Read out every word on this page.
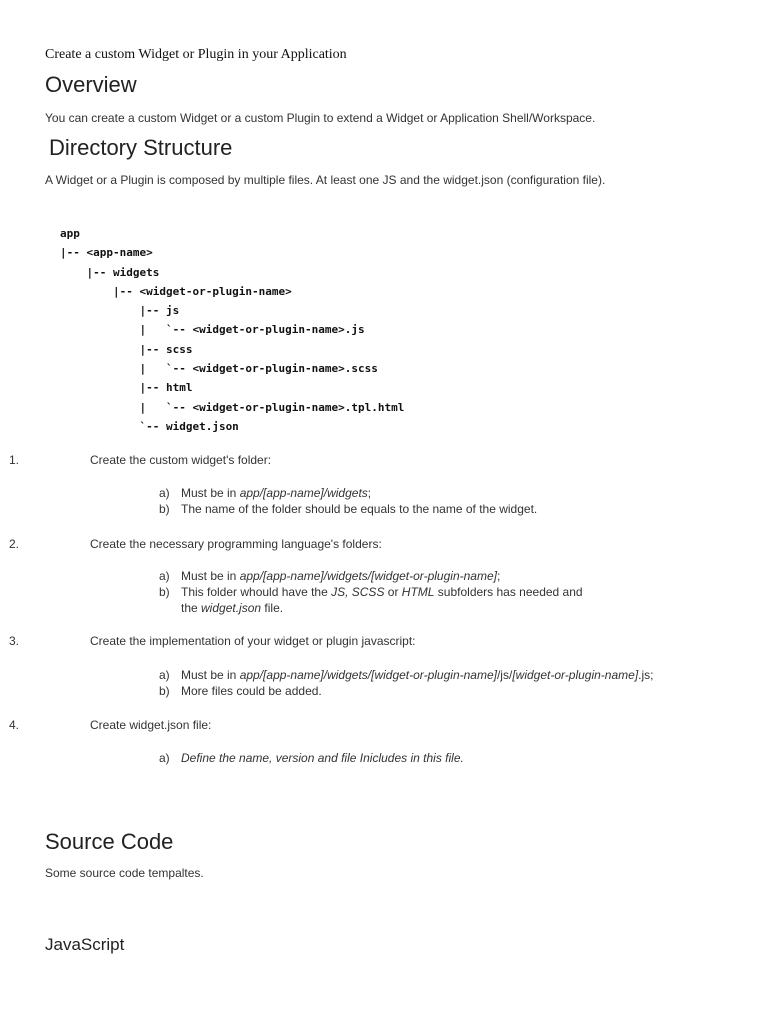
Create a custom Widget or Plugin in your Application
Overview
You can create a custom Widget or a custom Plugin to extend a Widget or Application Shell/Workspace.
Directory Structure
A Widget or a Plugin is composed by multiple files. At least one JS and the widget.json (configuration file).
app
|-- <app-name>
|-- widgets
|-- <widget-or-plugin-name>
|-- js
|   `-- <widget-or-plugin-name>.js
|-- scss
|   `-- <widget-or-plugin-name>.scss
|-- html
|   `-- <widget-or-plugin-name>.tpl.html
`-- widget.json
1.	Create the custom widget's folder:
a) Must be in app/[app-name]/widgets;
b) The name of the folder should be equals to the name of the widget.
2.	Create the necessary programming language's folders:
a) Must be in app/[app-name]/widgets/[widget-or-plugin-name];
b) This folder whould have the JS, SCSS or HTML subfolders has needed and
the widget.json file.
3.	Create the implementation of your widget or plugin javascript:
a) Must be in app/[app-name]/widgets/[widget-or-plugin-name]/js/[widget-or-plugin-name].js;
b) More files could be added.
4.	Create widget.json file:
a) Define the name, version and file Inicludes in this file.
Source Code
Some source code tempaltes.
JavaScript
